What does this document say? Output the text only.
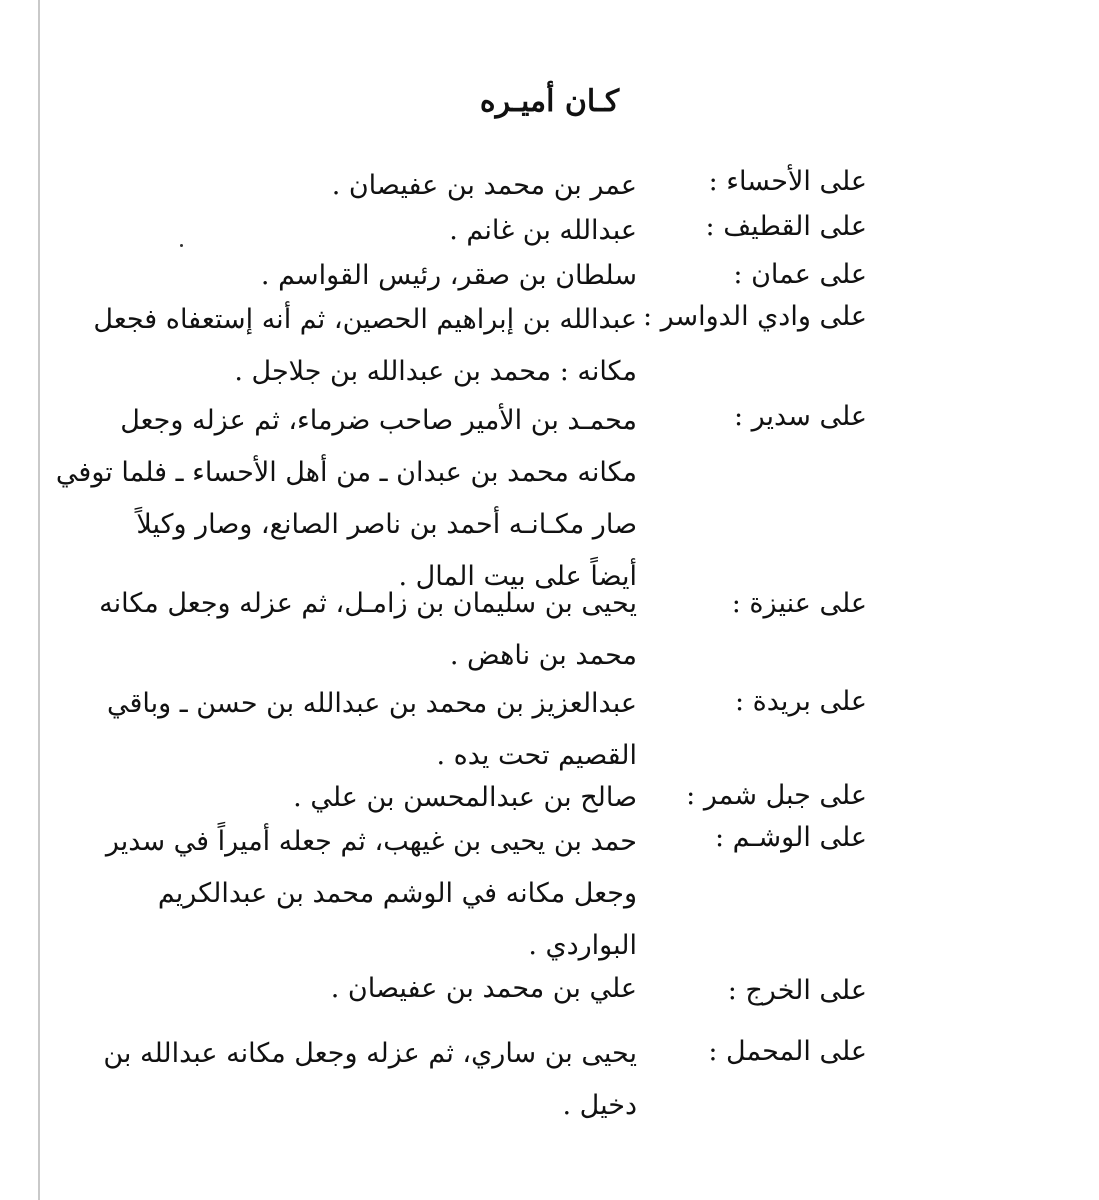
كـان أميـره
على الأحساء :
عمر بن محمد بن عفيصان .
على القطيف :
عبدالله بن غانم .
على عمان :
سلطان بن صقر، رئيس القواسم .
على وادي الدواسر :
عبدالله بن إبراهيم الحصين، ثم أنه إستعفاه فجعل
مكانه : محمد بن عبدالله بن جلاجل .
على سدير :
محمـد بن الأمير صاحب ضرماء، ثم عزله وجعل
مكانه محمد بن عبدان ـ من أهل الأحساء ـ فلما توفي
صار مكـانـه أحمد بن ناصر الصانع، وصار وكيلاً
أيضاً على بيت المال .
على عنيزة :
يحيى بن سليمان بن زامـل، ثم عزله وجعل مكانه
محمد بن ناهض .
على بريدة :
عبدالعزيز بن محمد بن عبدالله بن حسن ـ وباقي
القصيم تحت يده .
على جبل شمر :
صالح بن عبدالمحسن بن علي .
على الوشـم :
حمد بن يحيى بن غيهب، ثم جعله أميراً في سدير
وجعل مكانه في الوشم محمد بن عبدالكريم
البواردي .
على الخرج :
علي بن محمد بن عفيصان .
على المحمل :
يحيى بن ساري، ثم عزله وجعل مكانه عبدالله بن
دخيل .
